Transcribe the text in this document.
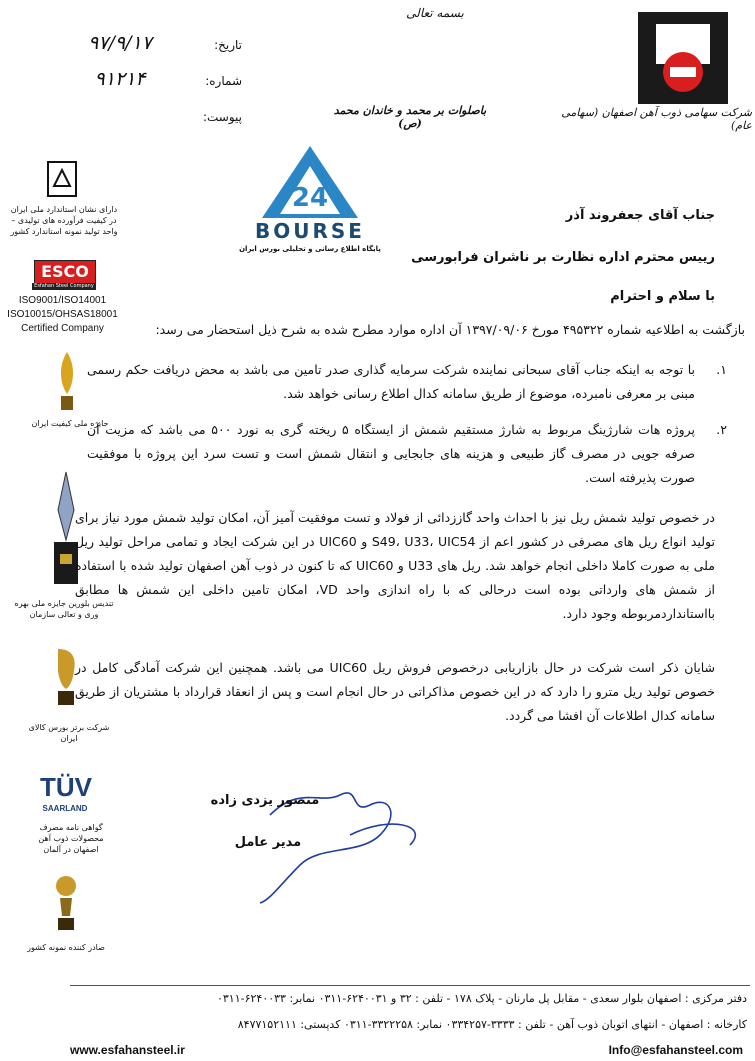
بسمه تعالی
شرکت سهامی ذوب آهن اصفهان (سهامی عام)
تاریخ:
۹۷/۹/۱۷
شماره:
۹۱۲۱۴
پیوست:	باصلوات بر محمد و خاندان محمد (ص)
24
BOURSE
پایگاه اطلاع رسانی و تحلیلی بورس ایران
دارای نشان استاندارد ملی ایران در کیفیت فرآورده های تولیدی – واحد تولید نمونه استاندارد کشور
ESCO
Esfahan Steel Company
ISO9001/ISO14001
ISO10015/OHSAS18001
Certified Company
جایزه ملی کیفیت ایران
تندیس بلورین جایزه ملی بهره وری و تعالی سازمان
شرکت برتر بورس کالای ایران
TÜV
SAARLAND
گواهی نامه مصرف محصولات ذوب آهن اصفهان در آلمان
صادر کننده نمونه کشور
جناب آقای جعفروند آذر
رییس محترم اداره نظارت بر ناشران فرابورسی
با سلام و احترام
بازگشت به اطلاعیه شماره ۴۹۵۳۲۲ مورخ ۱۳۹۷/۰۹/۰۶ آن اداره موارد مطرح شده به شرح ذیل استحضار می رسد:
۱.
با توجه به اینکه جناب آقای سبحانی نماینده شرکت سرمایه گذاری صدر تامین می باشد به محض دریافت حکم رسمی مبنی بر معرفی نامبرده، موضوع از طریق سامانه کدال اطلاع رسانی خواهد شد.
۲.
پروژه هات شارژینگ مربوط به شارژ مستقیم شمش از ایستگاه ۵ ریخته گری به نورد ۵۰۰ می باشد که مزیت آن صرفه جویی در مصرف گاز طبیعی و هزینه های جابجایی و انتقال شمش است و تست سرد این پروژه با موفقیت صورت پذیرفته است.
در خصوص تولید شمش ریل نیز با احداث واحد گاززدائی از فولاد و تست موفقیت آمیز آن، امکان تولید شمش مورد نیاز برای تولید انواع ریل های مصرفی در کشور اعم از S49، U33، UIC54 و UIC60 در این شرکت ایجاد و تمامی مراحل تولید ریل ملی به صورت کاملا داخلی انجام خواهد شد. ریل های U33 و UIC60 که تا کنون در ذوب آهن اصفهان تولید شده با استفاده از شمش های وارداتی بوده است درحالی که با راه اندازی واحد VD، امکان تامین داخلی این شمش ها مطابق بااستانداردمربوطه وجود دارد.
شایان ذکر است شرکت در حال بازاریابی درخصوص فروش ریل UIC60 می باشد. همچنین این شرکت آمادگی کامل در خصوص تولید ریل مترو را دارد که در این خصوص مذاکراتی در حال انجام است و پس از انعقاد قرارداد با مشتریان از طریق سامانه کدال اطلاعات آن افشا می گردد.
منصور یزدی زاده
مدیر عامل
دفتر مرکزی : اصفهان بلوار سعدی - مقابل پل مارنان - پلاک ۱۷۸ - تلفن : ۳۲ و ۶۲۴۰۰۳۱-۰۳۱۱ نمابر: ۶۲۴۰۰۳۳-۰۳۱۱
کارخانه : اصفهان - انتهای اتوبان ذوب آهن - تلفن : ۳۳۳۳-۰۳۳۴۲۵۷ نمابر: ۳۳۲۲۲۵۸-۰۳۱۱ کدپستی: ۸۴۷۷۱۵۲۱۱۱
www.esfahansteel.ir	Info@esfahansteel.com
